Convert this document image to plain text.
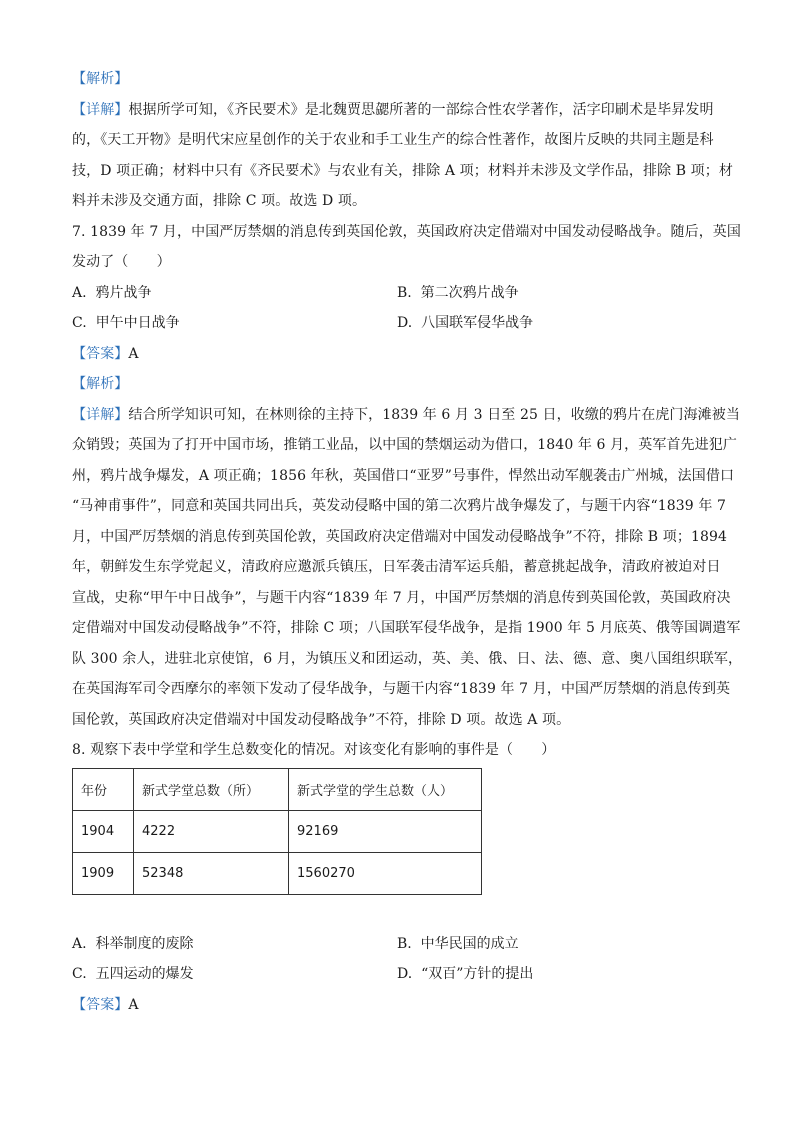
【解析】
【详解】根据所学可知，《齐民要术》是北魏贾思勰所著的一部综合性农学著作，活字印刷术是毕昇发明
的，《天工开物》是明代宋应星创作的关于农业和手工业生产的综合性著作，故图片反映的共同主题是科
技，D 项正确；材料中只有《齐民要术》与农业有关，排除 A 项；材料并未涉及文学作品，排除 B 项；材
料并未涉及交通方面，排除 C 项。故选 D 项。
7. 1839 年 7 月，中国严厉禁烟的消息传到英国伦敦，英国政府决定借端对中国发动侵略战争。随后，英国
发动了（　　）
A. 鸦片战争	B. 第二次鸦片战争
C. 甲午中日战争	D. 八国联军侵华战争
【答案】A
【解析】
【详解】结合所学知识可知，在林则徐的主持下，1839 年 6 月 3 日至 25 日，收缴的鸦片在虎门海滩被当
众销毁；英国为了打开中国市场，推销工业品，以中国的禁烟运动为借口，1840 年 6 月，英军首先进犯广
州，鸦片战争爆发，A 项正确；1856 年秋，英国借口“亚罗”号事件，悍然出动军舰袭击广州城，法国借口
“马神甫事件”，同意和英国共同出兵，英发动侵略中国的第二次鸦片战争爆发了，与题干内容“1839 年 7
月，中国严厉禁烟的消息传到英国伦敦，英国政府决定借端对中国发动侵略战争”不符，排除 B 项；1894
年，朝鲜发生东学党起义，清政府应邀派兵镇压，日军袭击清军运兵船，蓄意挑起战争，清政府被迫对日
宣战，史称“甲午中日战争”，与题干内容“1839 年 7 月，中国严厉禁烟的消息传到英国伦敦，英国政府决
定借端对中国发动侵略战争”不符，排除 C 项；八国联军侵华战争，是指 1900 年 5 月底英、俄等国调遣军
队 300 余人，进驻北京使馆，6 月，为镇压义和团运动，英、美、俄、日、法、德、意、奥八国组织联军，
在英国海军司令西摩尔的率领下发动了侵华战争，与题干内容“1839 年 7 月，中国严厉禁烟的消息传到英
国伦敦，英国政府决定借端对中国发动侵略战争”不符，排除 D 项。故选 A 项。
8. 观察下表中学堂和学生总数变化的情况。对该变化有影响的事件是（　　）
年份	新式学堂总数（所）	新式学堂的学生总数（人）
1904	4222	92169
1909	52348	1560270
A. 科举制度的废除	B. 中华民国的成立
C. 五四运动的爆发	D. “双百”方针的提出
【答案】A
